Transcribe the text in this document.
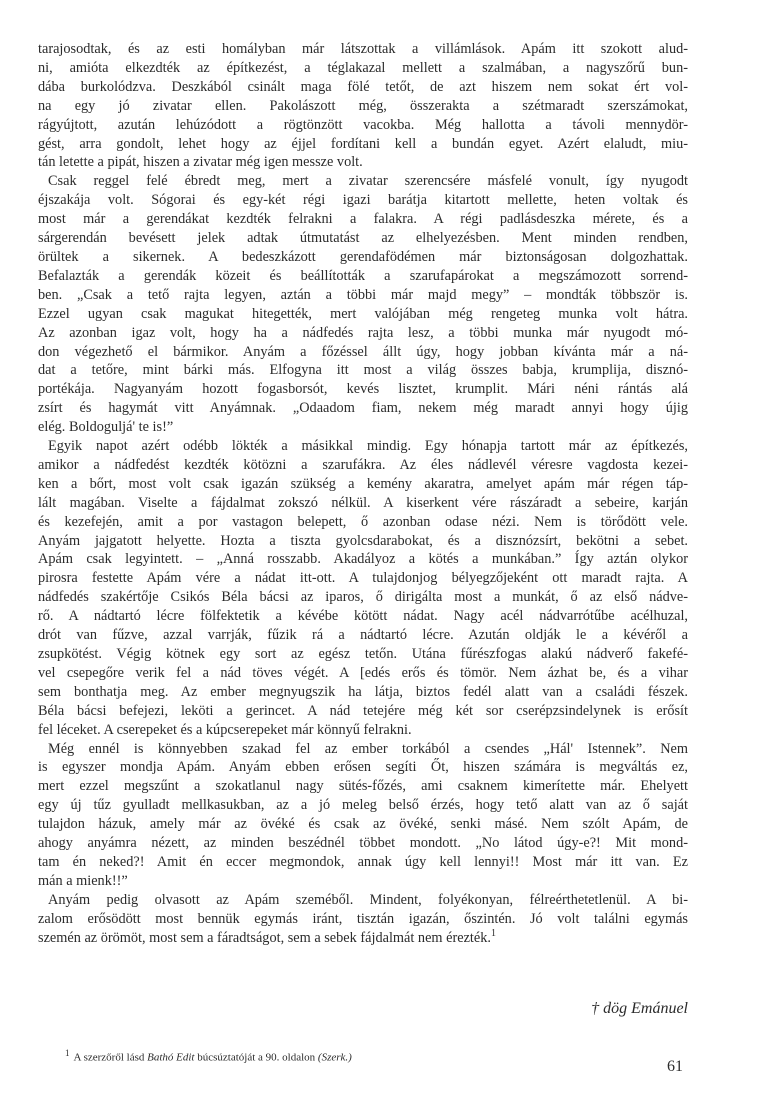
tarajosodtak, és az esti homályban már látszottak a villámlások. Apám itt szokott alud-
ni, amióta elkezdték az építkezést, a téglakazal mellett a szalmában, a nagyszőrű bun-
dába burkolódzva. Deszkából csinált maga fölé tetőt, de azt hiszem nem sokat ért vol-
na egy jó zivatar ellen. Pakolászott még, összerakta a szétmaradt szerszámokat,
rágyújtott, azután lehúzódott a rögtönzött vacokba. Még hallotta a távoli mennydör-
gést, arra gondolt, lehet hogy az éjjel fordítani kell a bundán egyet. Azért elaludt, miu-
tán letette a pipát, hiszen a zivatar még igen messze volt.
Csak reggel felé ébredt meg, mert a zivatar szerencsére másfelé vonult, így nyugodt
éjszakája volt. Sógorai és egy-két régi igazi barátja kitartott mellette, heten voltak és
most már a gerendákat kezdték felrakni a falakra. A régi padlásdeszka mérete, és a
sárgerendán bevésett jelek adtak útmutatást az elhelyezésben. Ment minden rendben,
örültek a sikernek. A bedeszkázott gerendafödémen már biztonságosan dolgozhattak.
Befalazták a gerendák közeit és beállították a szarufapárokat a megszámozott sorrend-
ben. „Csak a tető rajta legyen, aztán a többi már majd megy” – mondták többször is.
Ezzel ugyan csak magukat hitegették, mert valójában még rengeteg munka volt hátra.
Az azonban igaz volt, hogy ha a nádfedés rajta lesz, a többi munka már nyugodt mó-
don végezhető el bármikor. Anyám a főzéssel állt úgy, hogy jobban kívánta már a ná-
dat a tetőre, mint bárki más. Elfogyna itt most a világ összes babja, krumplija, disznó-
portékája. Nagyanyám hozott fogasborsót, kevés lisztet, krumplit. Mári néni rántás alá
zsírt és hagymát vitt Anyámnak. „Odaadom fiam, nekem még maradt annyi hogy újig
elég. Boldoguljá' te is!”
Egyik napot azért odébb lökték a másikkal mindig. Egy hónapja tartott már az építkezés,
amikor a nádfedést kezdték kötözni a szarufákra. Az éles nádlevél véresre vagdosta kezei-
ken a bőrt, most volt csak igazán szükség a kemény akaratra, amelyet apám már régen táp-
lált magában. Viselte a fájdalmat zokszó nélkül. A kiserkent vére rászáradt a sebeire, karján
és kezefején, amit a por vastagon belepett, ő azonban odase nézi. Nem is törődött vele.
Anyám jajgatott helyette. Hozta a tiszta gyolcsdarabokat, és a disznózsírt, bekötni a sebet.
Apám csak legyintett. – „Anná rosszabb. Akadályoz a kötés a munkában.” Így aztán olykor
pirosra festette Apám vére a nádat itt-ott. A tulajdonjog bélyegzőjeként ott maradt rajta. A
nádfedés szakértője Csikós Béla bácsi az iparos, ő dirigálta most a munkát, ő az első nádve-
rő. A nádtartó lécre fölfektetik a kévébe kötött nádat. Nagy acél nádvarrótűbe acélhuzal,
drót van fűzve, azzal varrják, fűzik rá a nádtartó lécre. Azután oldják le a kévéről a
zsupkötést. Végig kötnek egy sort az egész tetőn. Utána fűrészfogas alakú nádverő fakefé-
vel csepegőre verik fel a nád töves végét. A [edés erős és tömör. Nem ázhat be, és a vihar
sem bonthatja meg. Az ember megnyugszik ha látja, biztos fedél alatt van a családi fészek.
Béla bácsi befejezi, leköti a gerincet. A nád tetejére még két sor cserépzsindelynek is erősít
fel léceket. A cserepeket és a kúpcserepeket már könnyű felrakni.
Még ennél is könnyebben szakad fel az ember torkából a csendes „Hál' Istennek”. Nem
is egyszer mondja Apám. Anyám ebben erősen segíti Őt, hiszen számára is megváltás ez,
mert ezzel megszűnt a szokatlanul nagy sütés-főzés, ami csaknem kimerítette már. Ehelyett
egy új tűz gyulladt mellkasukban, az a jó meleg belső érzés, hogy tető alatt van az ő saját
tulajdon házuk, amely már az övéké és csak az övéké, senki másé. Nem szólt Apám, de
ahogy anyámra nézett, az minden beszédnél többet mondott. „No látod úgy-e?! Mit mond-
tam én neked?! Amit én eccer megmondok, annak úgy kell lennyi!! Most már itt van. Ez
mán a mienk!!”
Anyám pedig olvasott az Apám szeméből. Mindent, folyékonyan, félreérthetetlenül. A bi-
zalom erősödött most bennük egymás iránt, tisztán igazán, őszintén. Jó volt találni egymás
szemén az örömöt, most sem a fáradtságot, sem a sebek fájdalmát nem érezték.$^1$
† dög Emánuel
$^1$ A szerzőről lásd Bathó Edit búcsúztatóját a 90. oldalon (Szerk.)
61
